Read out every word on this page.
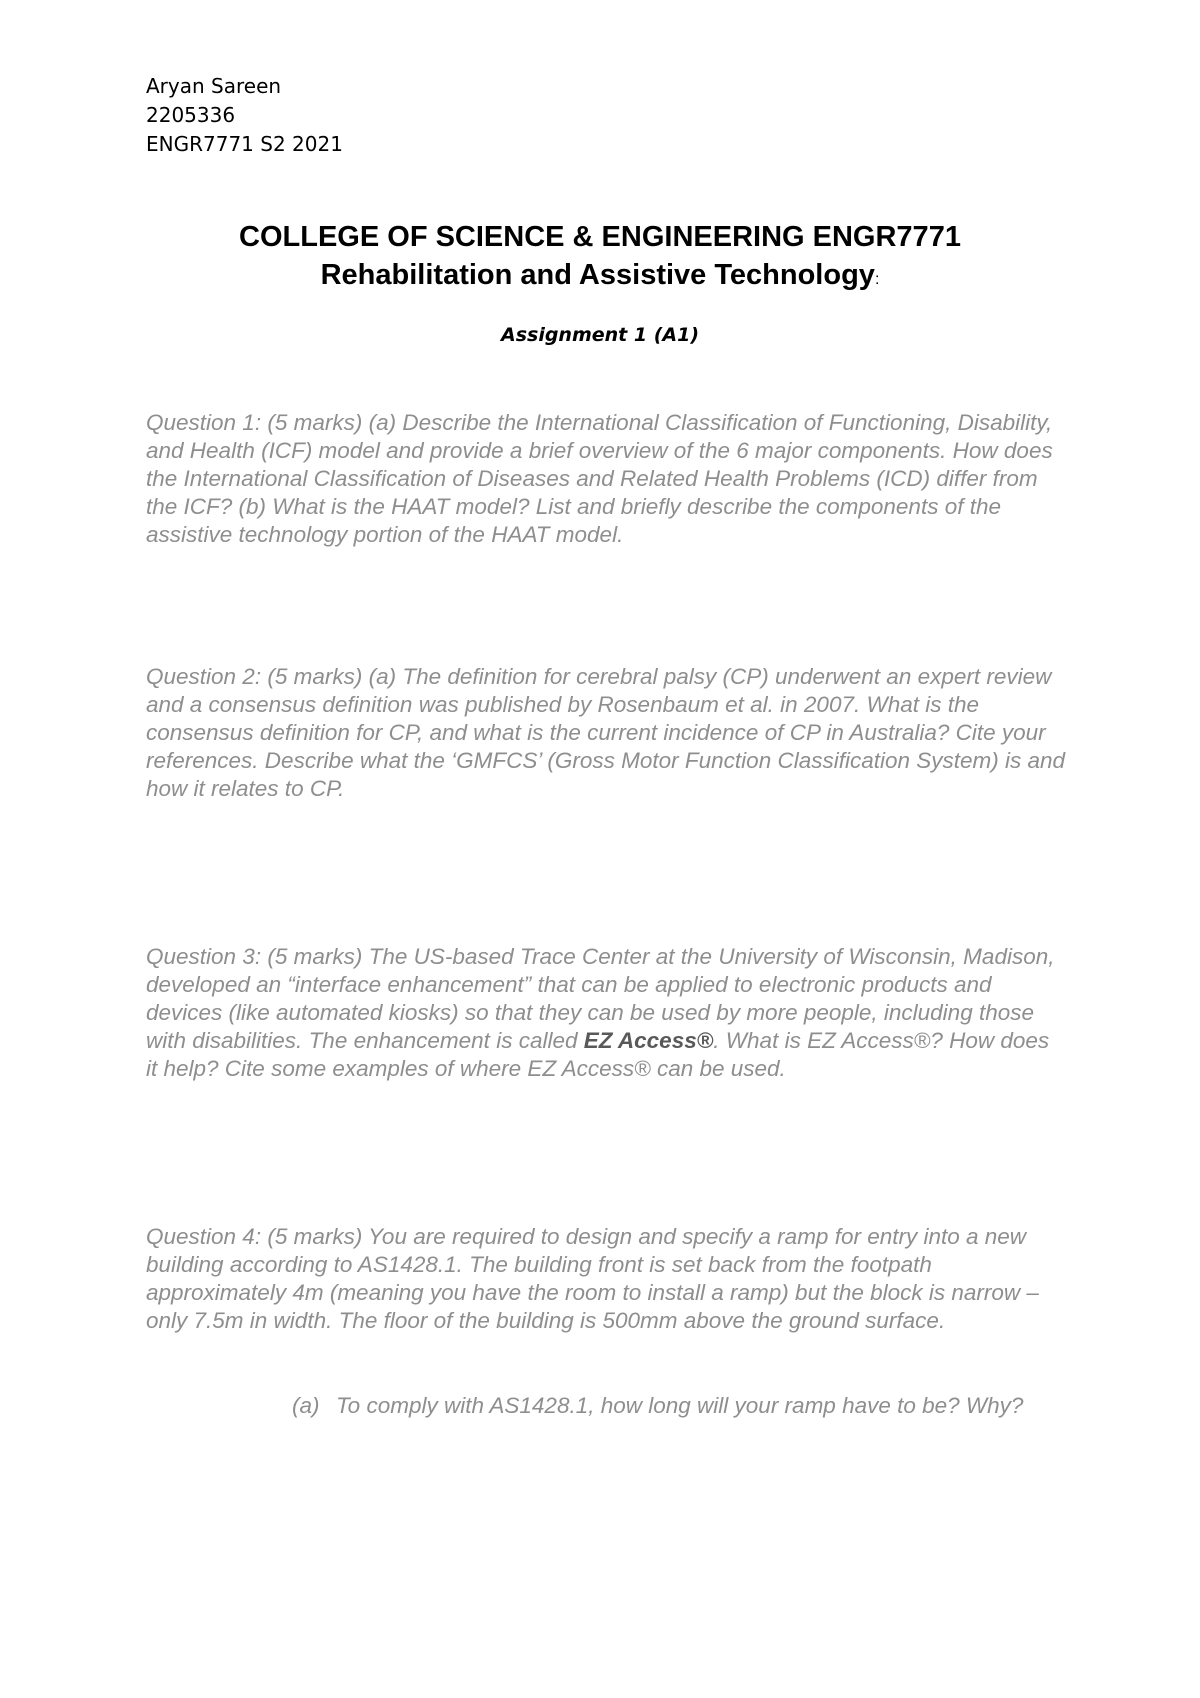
Aryan Sareen
2205336
ENGR7771 S2 2021
COLLEGE OF SCIENCE & ENGINEERING ENGR7771
Rehabilitation and Assistive Technology:
Assignment 1 (A1)
Question 1: (5 marks) (a) Describe the International Classification of Functioning, Disability, and Health (ICF) model and provide a brief overview of the 6 major components. How does the International Classification of Diseases and Related Health Problems (ICD) differ from the ICF? (b) What is the HAAT model? List and briefly describe the components of the assistive technology portion of the HAAT model.
Question 2: (5 marks) (a) The definition for cerebral palsy (CP) underwent an expert review and a consensus definition was published by Rosenbaum et al. in 2007. What is the consensus definition for CP, and what is the current incidence of CP in Australia? Cite your references. Describe what the ‘GMFCS’ (Gross Motor Function Classification System) is and how it relates to CP.
Question 3: (5 marks) The US-based Trace Center at the University of Wisconsin, Madison, developed an “interface enhancement” that can be applied to electronic products and devices (like automated kiosks) so that they can be used by more people, including those with disabilities. The enhancement is called EZ Access®. What is EZ Access®? How does it help? Cite some examples of where EZ Access® can be used.
Question 4: (5 marks) You are required to design and specify a ramp for entry into a new building according to AS1428.1. The building front is set back from the footpath approximately 4m (meaning you have the room to install a ramp) but the block is narrow – only 7.5m in width. The floor of the building is 500mm above the ground surface.
(a) To comply with AS1428.1, how long will your ramp have to be? Why?
